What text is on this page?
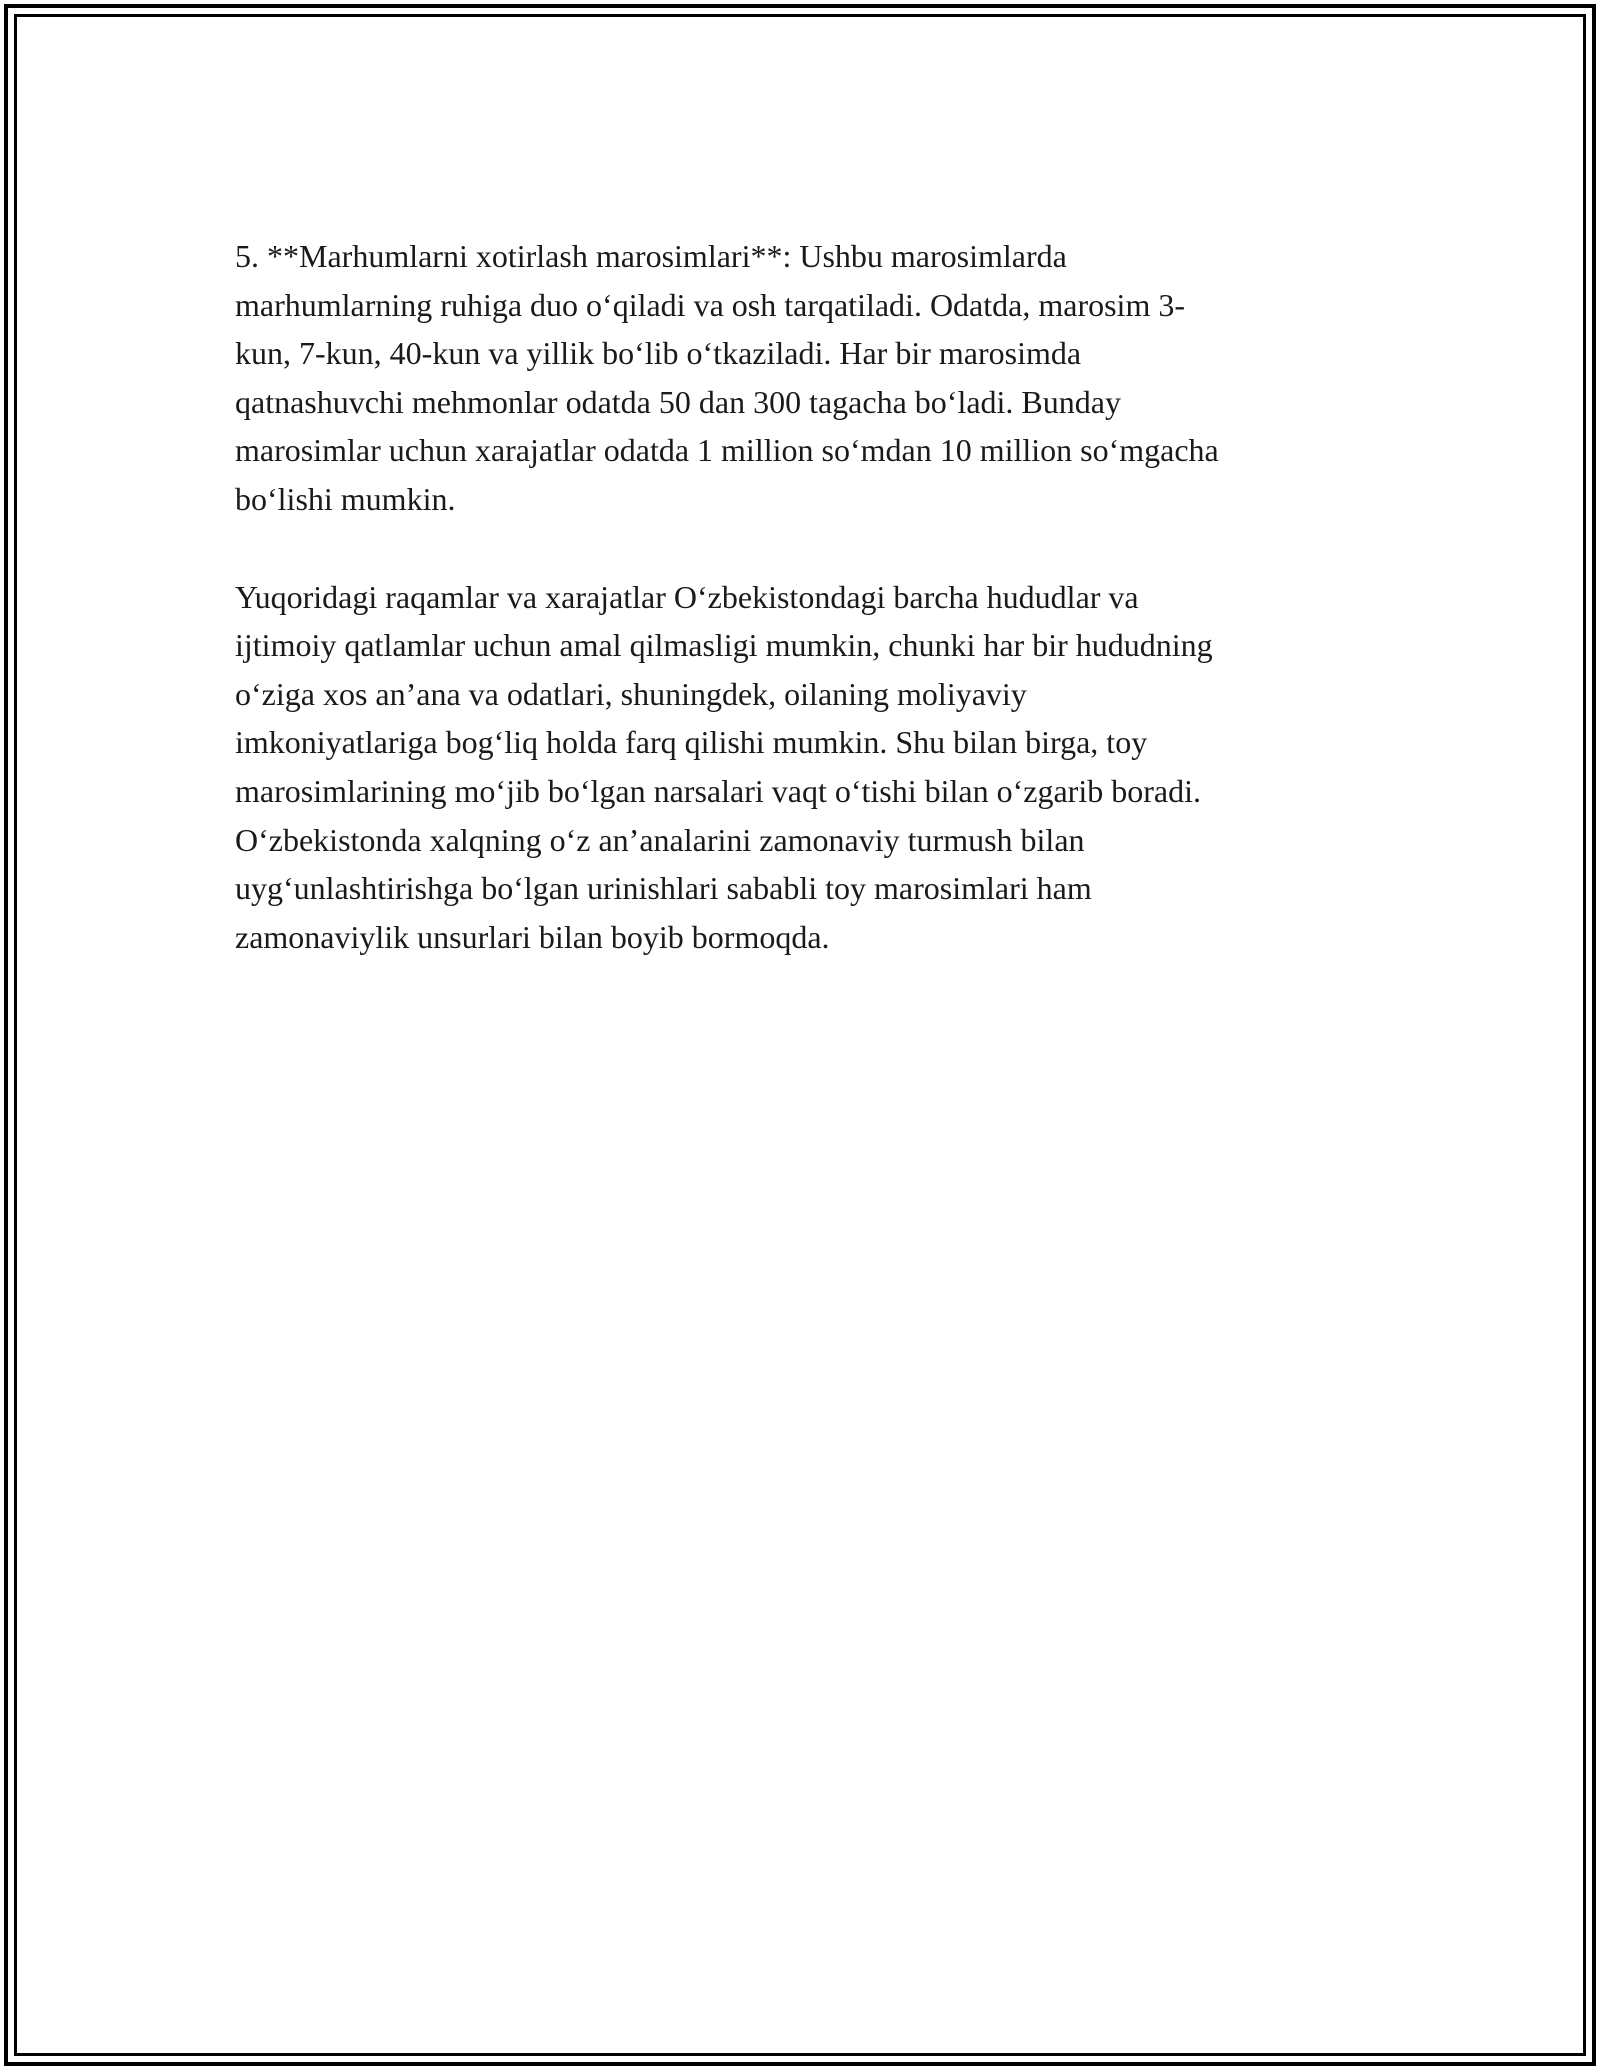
5. **Marhumlarni xotirlash marosimlari**: Ushbu marosimlarda
marhumlarning ruhiga duo o‘qiladi va osh tarqatiladi. Odatda, marosim 3-
kun, 7-kun, 40-kun va yillik bo‘lib o‘tkaziladi. Har bir marosimda
qatnashuvchi mehmonlar odatda 50 dan 300 tagacha bo‘ladi. Bunday
marosimlar uchun xarajatlar odatda 1 million so‘mdan 10 million so‘mgacha
bo‘lishi mumkin.

Yuqoridagi raqamlar va xarajatlar O‘zbekistondagi barcha hududlar va
ijtimoiy qatlamlar uchun amal qilmasligi mumkin, chunki har bir hududning
o‘ziga xos an’ana va odatlari, shuningdek, oilaning moliyaviy
imkoniyatlariga bog‘liq holda farq qilishi mumkin. Shu bilan birga, toy
marosimlarining mo‘jib bo‘lgan narsalari vaqt o‘tishi bilan o‘zgarib boradi.
O‘zbekistonda xalqning o‘z an’analarini zamonaviy turmush bilan
uyg‘unlashtirishga bo‘lgan urinishlari sababli toy marosimlari ham
zamonaviylik unsurlari bilan boyib bormoqda.
